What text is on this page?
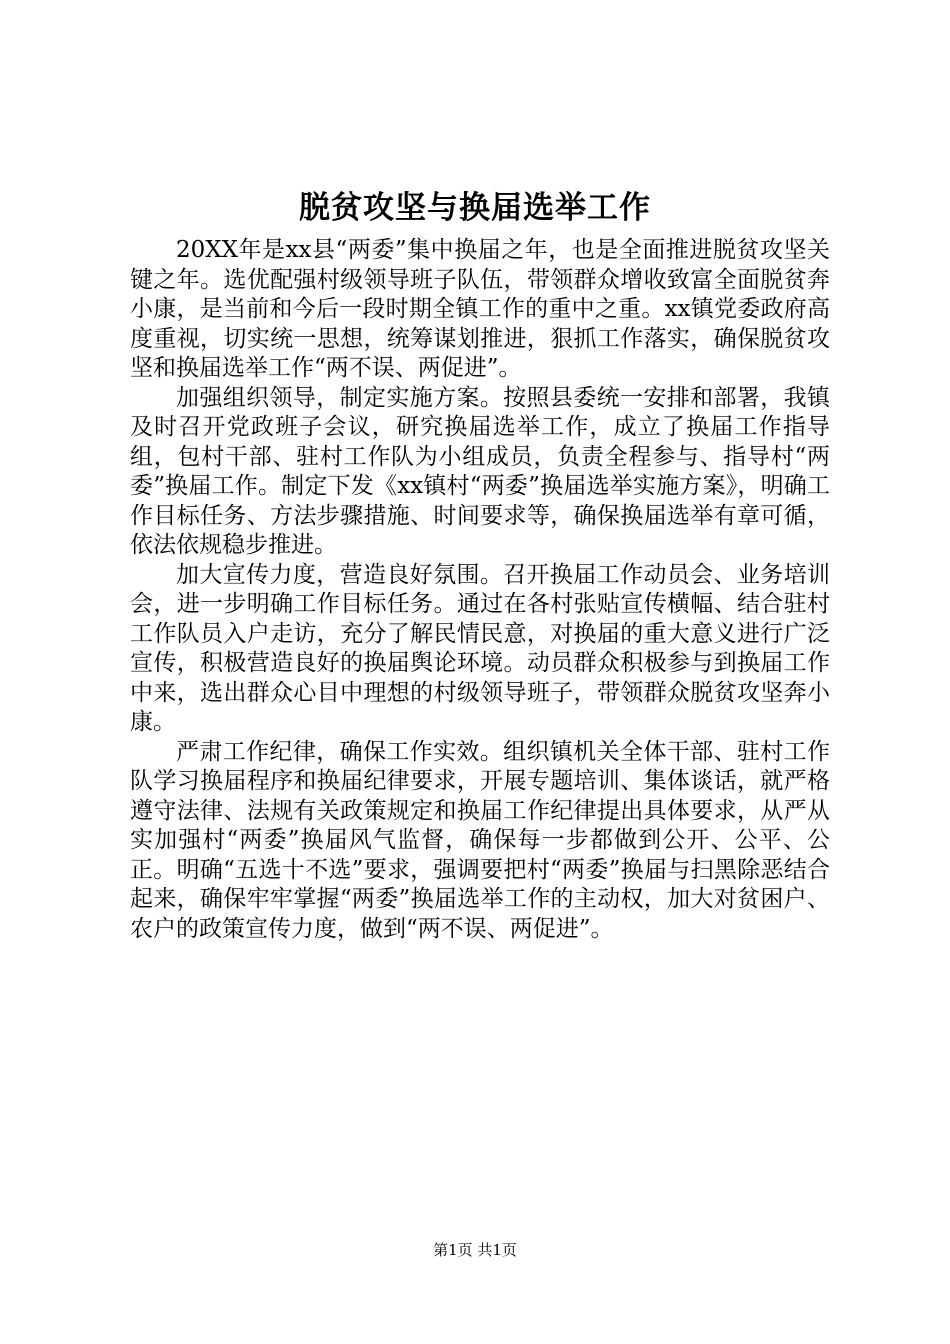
脱贫攻坚与换届选举工作

20XX年是xx县“两委”集中换届之年，也是全面推进脱贫攻坚关键之年。选优配强村级领导班子队伍，带领群众增收致富全面脱贫奔小康，是当前和今后一段时期全镇工作的重中之重。xx镇党委政府高度重视，切实统一思想，统筹谋划推进，狠抓工作落实，确保脱贫攻坚和换届选举工作“两不误、两促进”。

加强组织领导，制定实施方案。按照县委统一安排和部署，我镇及时召开党政班子会议，研究换届选举工作，成立了换届工作指导组，包村干部、驻村工作队为小组成员，负责全程参与、指导村“两委”换届工作。制定下发《xx镇村“两委”换届选举实施方案》，明确工作目标任务、方法步骤措施、时间要求等，确保换届选举有章可循，依法依规稳步推进。

加大宣传力度，营造良好氛围。召开换届工作动员会、业务培训会，进一步明确工作目标任务。通过在各村张贴宣传横幅、结合驻村工作队员入户走访，充分了解民情民意，对换届的重大意义进行广泛宣传，积极营造良好的换届舆论环境。动员群众积极参与到换届工作中来，选出群众心目中理想的村级领导班子，带领群众脱贫攻坚奔小康。

严肃工作纪律，确保工作实效。组织镇机关全体干部、驻村工作队学习换届程序和换届纪律要求，开展专题培训、集体谈话，就严格遵守法律、法规有关政策规定和换届工作纪律提出具体要求，从严从实加强村“两委”换届风气监督，确保每一步都做到公开、公平、公正。明确“五选十不选”要求，强调要把村“两委”换届与扫黑除恶结合起来，确保牢牢掌握“两委”换届选举工作的主动权，加大对贫困户、农户的政策宣传力度，做到“两不误、两促进”。

第1页 共1页
